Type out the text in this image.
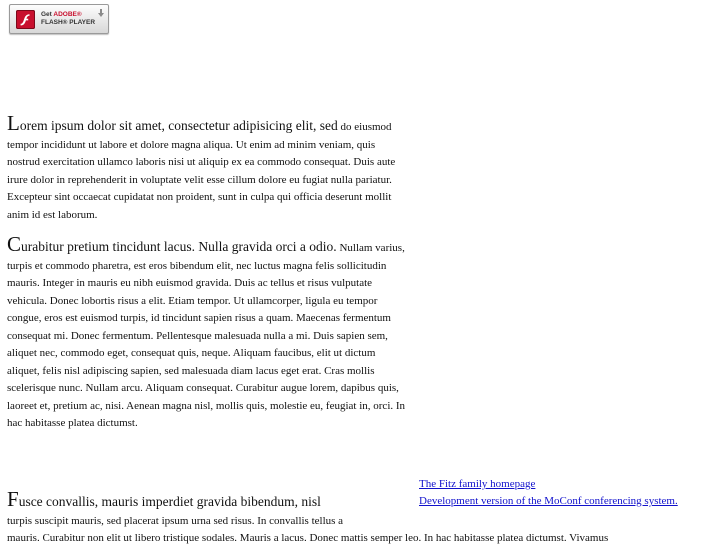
Get ADOBE®
FLASH® PLAYER

Lorem ipsum dolor sit amet, consectetur adipisicing elit, sed do eiusmod tempor incididunt ut labore et dolore magna aliqua. Ut enim ad minim veniam, quis nostrud exercitation ullamco laboris nisi ut aliquip ex ea commodo consequat. Duis aute irure dolor in reprehenderit in voluptate velit esse cillum dolore eu fugiat nulla pariatur. Excepteur sint occaecat cupidatat non proident, sunt in culpa qui officia deserunt mollit anim id est laborum.

Curabitur pretium tincidunt lacus. Nulla gravida orci a odio. Nullam varius, turpis et commodo pharetra, est eros bibendum elit, nec luctus magna felis sollicitudin mauris. Integer in mauris eu nibh euismod gravida. Duis ac tellus et risus vulputate vehicula. Donec lobortis risus a elit. Etiam tempor. Ut ullamcorper, ligula eu tempor congue, eros est euismod turpis, id tincidunt sapien risus a quam. Maecenas fermentum consequat mi. Donec fermentum. Pellentesque malesuada nulla a mi. Duis sapien sem, aliquet nec, commodo eget, consequat quis, neque. Aliquam faucibus, elit ut dictum aliquet, felis nisl adipiscing sapien, sed malesuada diam lacus eget erat. Cras mollis scelerisque nunc. Nullam arcu. Aliquam consequat. Curabitur augue lorem, dapibus quis, laoreet et, pretium ac, nisi. Aenean magna nisl, mollis quis, molestie eu, feugiat in, orci. In hac habitasse platea dictumst.

Fusce convallis, mauris imperdiet gravida bibendum, nisl
turpis suscipit mauris, sed placerat ipsum urna sed risus. In convallis tellus a
mauris. Curabitur non elit ut libero tristique sodales. Mauris a lacus. Donec mattis semper leo. In hac habitasse platea dictumst. Vivamus

The Fitz family homepage
Development version of the MoConf conferencing system.
